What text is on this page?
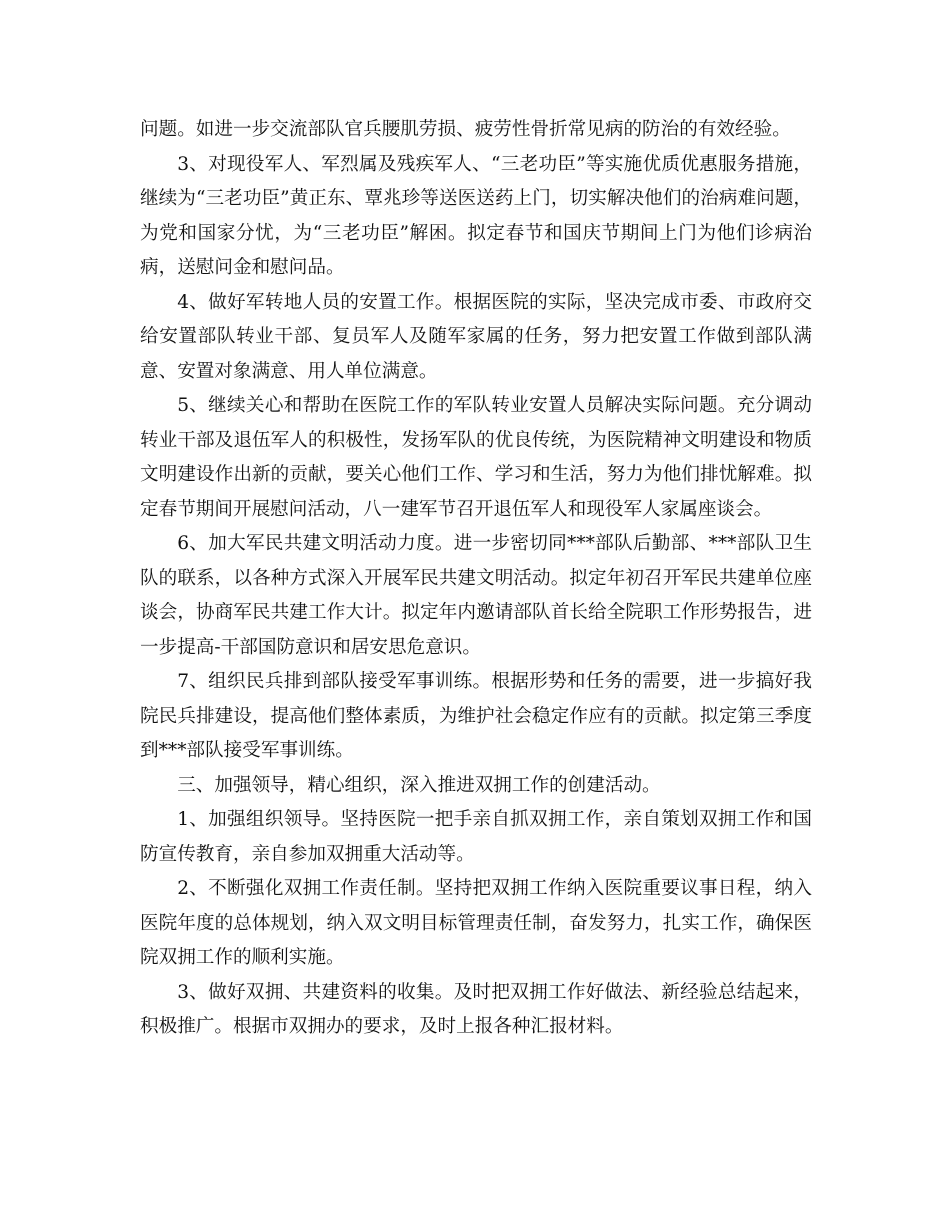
问题。如进一步交流部队官兵腰肌劳损、疲劳性骨折常见病的防治的有效经验。

3、对现役军人、军烈属及残疾军人、“三老功臣”等实施优质优惠服务措施，继续为“三老功臣”黄正东、覃兆珍等送医送药上门，切实解决他们的治病难问题，为党和国家分忧，为“三老功臣”解困。拟定春节和国庆节期间上门为他们诊病治病，送慰问金和慰问品。

4、做好军转地人员的安置工作。根据医院的实际，坚决完成市委、市政府交给安置部队转业干部、复员军人及随军家属的任务，努力把安置工作做到部队满意、安置对象满意、用人单位满意。

5、继续关心和帮助在医院工作的军队转业安置人员解决实际问题。充分调动转业干部及退伍军人的积极性，发扬军队的优良传统，为医院精神文明建设和物质文明建设作出新的贡献，要关心他们工作、学习和生活，努力为他们排忧解难。拟定春节期间开展慰问活动，八一建军节召开退伍军人和现役军人家属座谈会。

6、加大军民共建文明活动力度。进一步密切同***部队后勤部、***部队卫生队的联系，以各种方式深入开展军民共建文明活动。拟定年初召开军民共建单位座谈会，协商军民共建工作大计。拟定年内邀请部队首长给全院职工作形势报告，进一步提高-干部国防意识和居安思危意识。

7、组织民兵排到部队接受军事训练。根据形势和任务的需要，进一步搞好我院民兵排建设，提高他们整体素质，为维护社会稳定作应有的贡献。拟定第三季度到***部队接受军事训练。

三、加强领导，精心组织，深入推进双拥工作的创建活动。

1、加强组织领导。坚持医院一把手亲自抓双拥工作，亲自策划双拥工作和国防宣传教育，亲自参加双拥重大活动等。

2、不断强化双拥工作责任制。坚持把双拥工作纳入医院重要议事日程，纳入医院年度的总体规划，纳入双文明目标管理责任制，奋发努力，扎实工作，确保医院双拥工作的顺利实施。

3、做好双拥、共建资料的收集。及时把双拥工作好做法、新经验总结起来，积极推广。根据市双拥办的要求，及时上报各种汇报材料。
